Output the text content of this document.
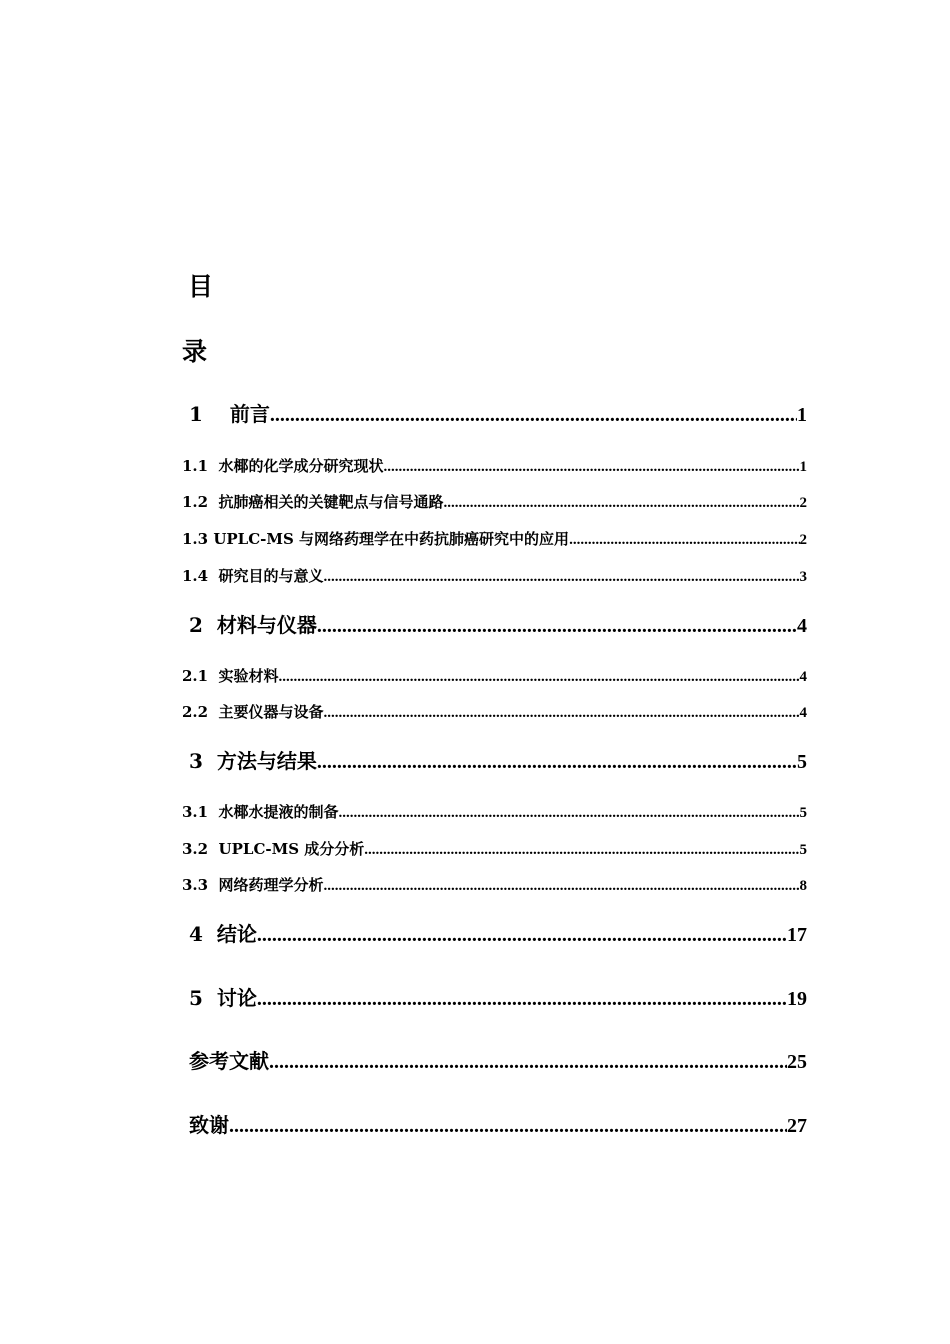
目
录
1　 前言 .....	1
1.1  水椰的化学成分研究现状 .....	1
1.2  抗肺癌相关的关键靶点与信号通路 .....	2
1.3 UPLC-MS 与网络药理学在中药抗肺癌研究中的应用 .....	2
1.4  研究目的与意义 .....	3
2  材料与仪器 .....	4
2.1  实验材料 .....	4
2.2  主要仪器与设备 .....	4
3  方法与结果 .....	5
3.1  水椰水提液的制备 .....	5
3.2  UPLC-MS 成分分析 .....	5
3.3  网络药理学分析 .....	8
4  结论 .....	17
5  讨论 .....	19
参考文献 .....	25
致谢 .....	27
